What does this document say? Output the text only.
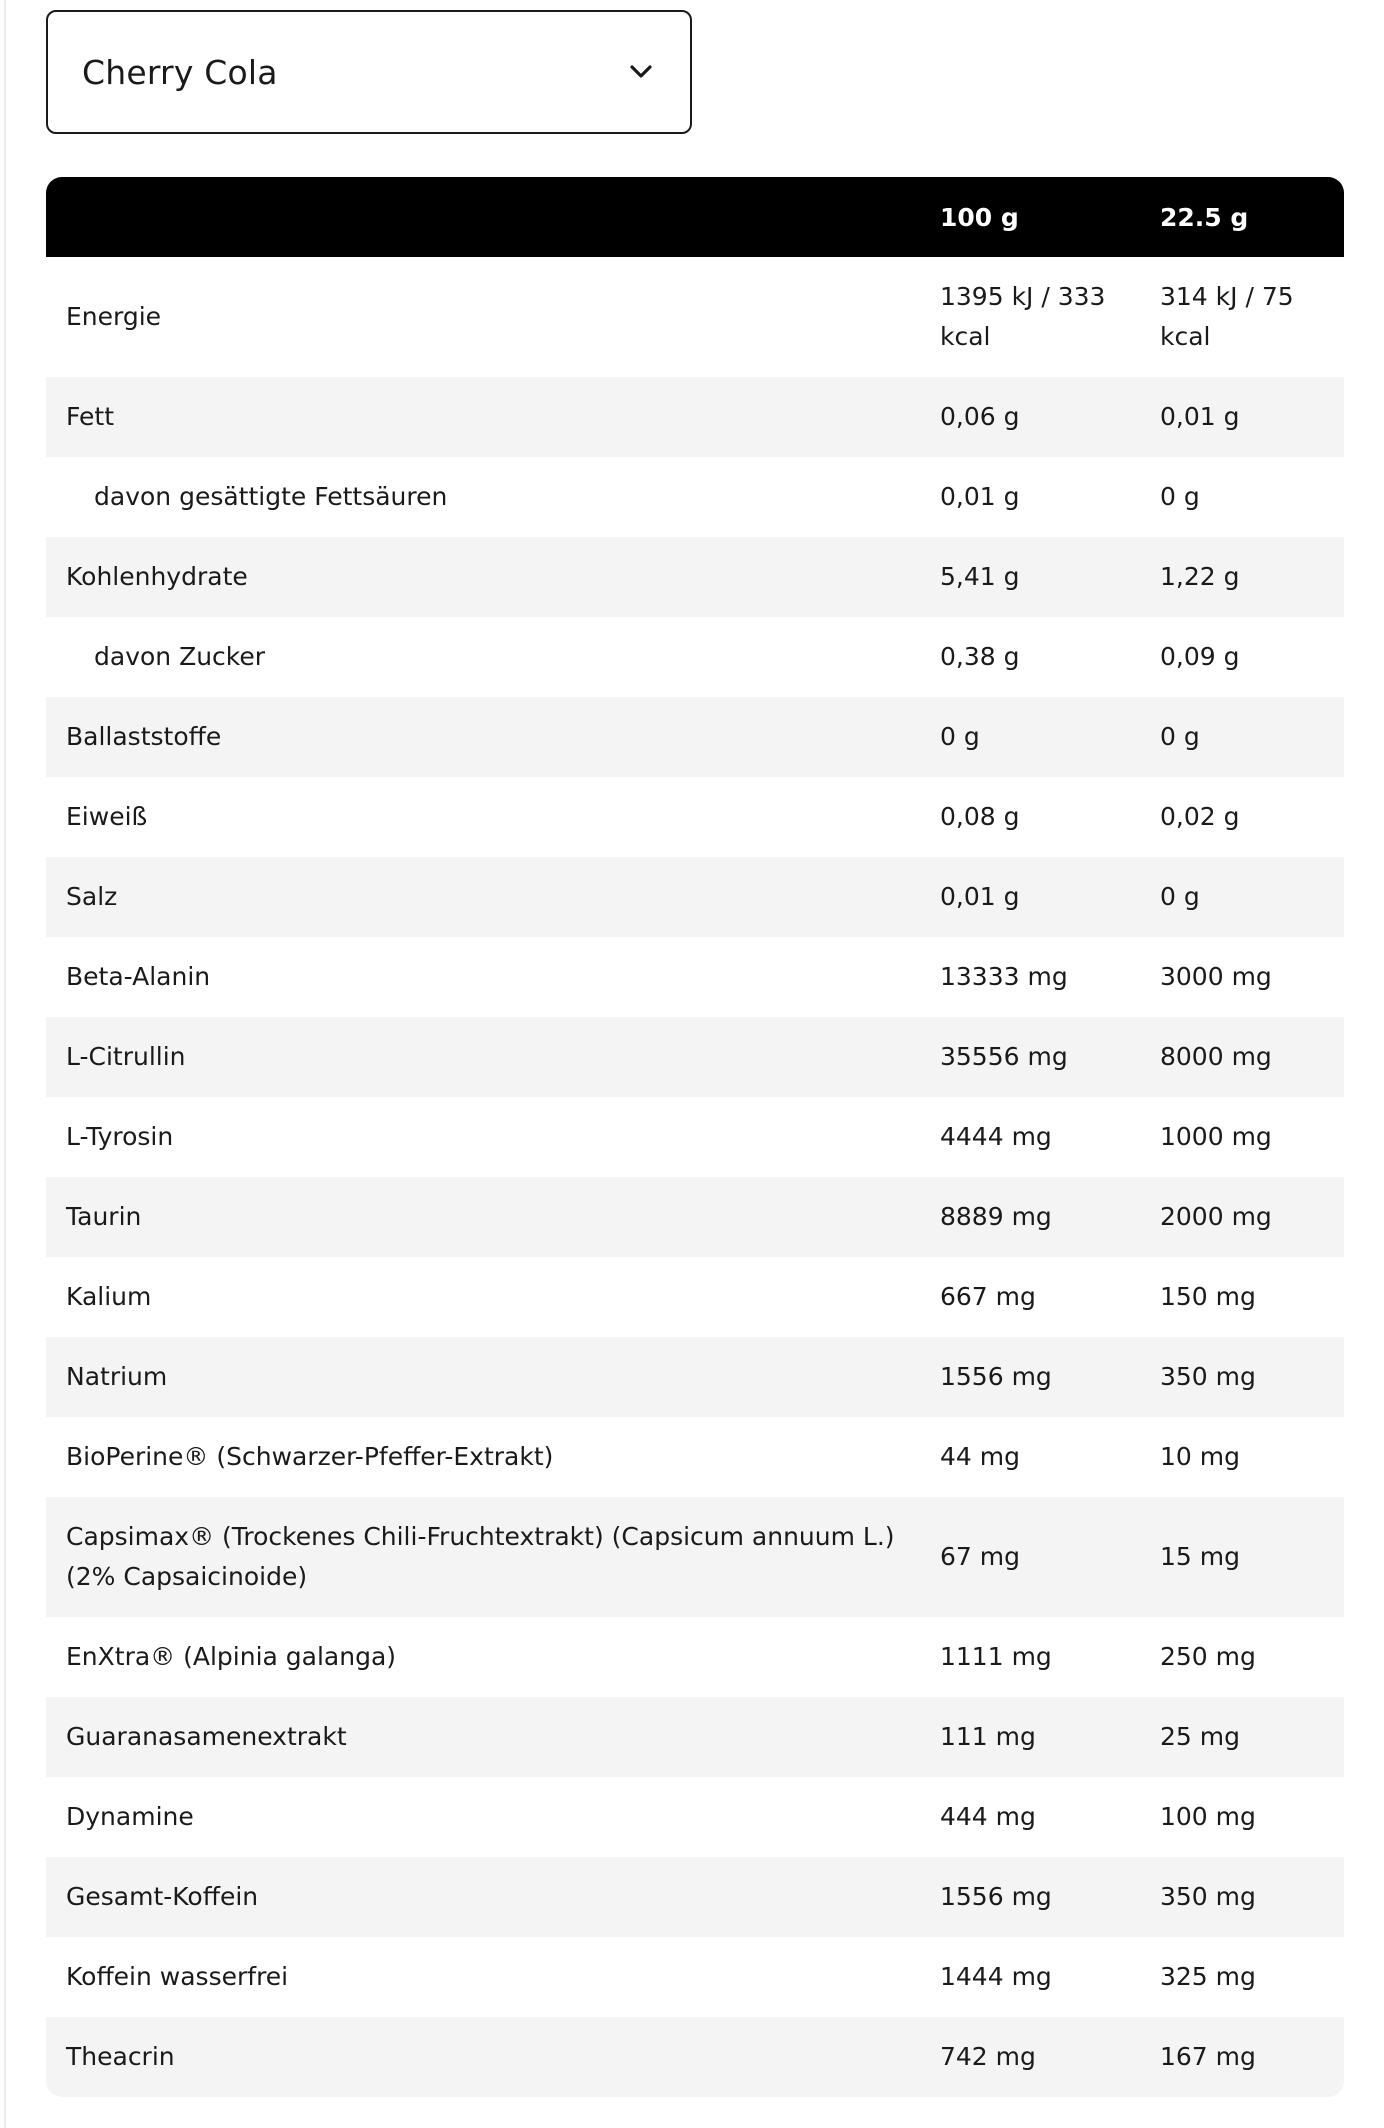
Cherry Cola
	100 g	22.5 g
Energie	1395 kJ / 333 kcal	314 kJ / 75 kcal
Fett	0,06 g	0,01 g
davon gesättigte Fettsäuren	0,01 g	0 g
Kohlenhydrate	5,41 g	1,22 g
davon Zucker	0,38 g	0,09 g
Ballaststoffe	0 g	0 g
Eiweiß	0,08 g	0,02 g
Salz	0,01 g	0 g
Beta-Alanin	13333 mg	3000 mg
L-Citrullin	35556 mg	8000 mg
L-Tyrosin	4444 mg	1000 mg
Taurin	8889 mg	2000 mg
Kalium	667 mg	150 mg
Natrium	1556 mg	350 mg
BioPerine® (Schwarzer-Pfeffer-Extrakt)	44 mg	10 mg
Capsimax® (Trockenes Chili-Fruchtextrakt) (Capsicum annuum L.) (2% Capsaicinoide)	67 mg	15 mg
EnXtra® (Alpinia galanga)	1111 mg	250 mg
Guaranasamenextrakt	111 mg	25 mg
Dynamine	444 mg	100 mg
Gesamt-Koffein	1556 mg	350 mg
Koffein wasserfrei	1444 mg	325 mg
Theacrin	742 mg	167 mg
